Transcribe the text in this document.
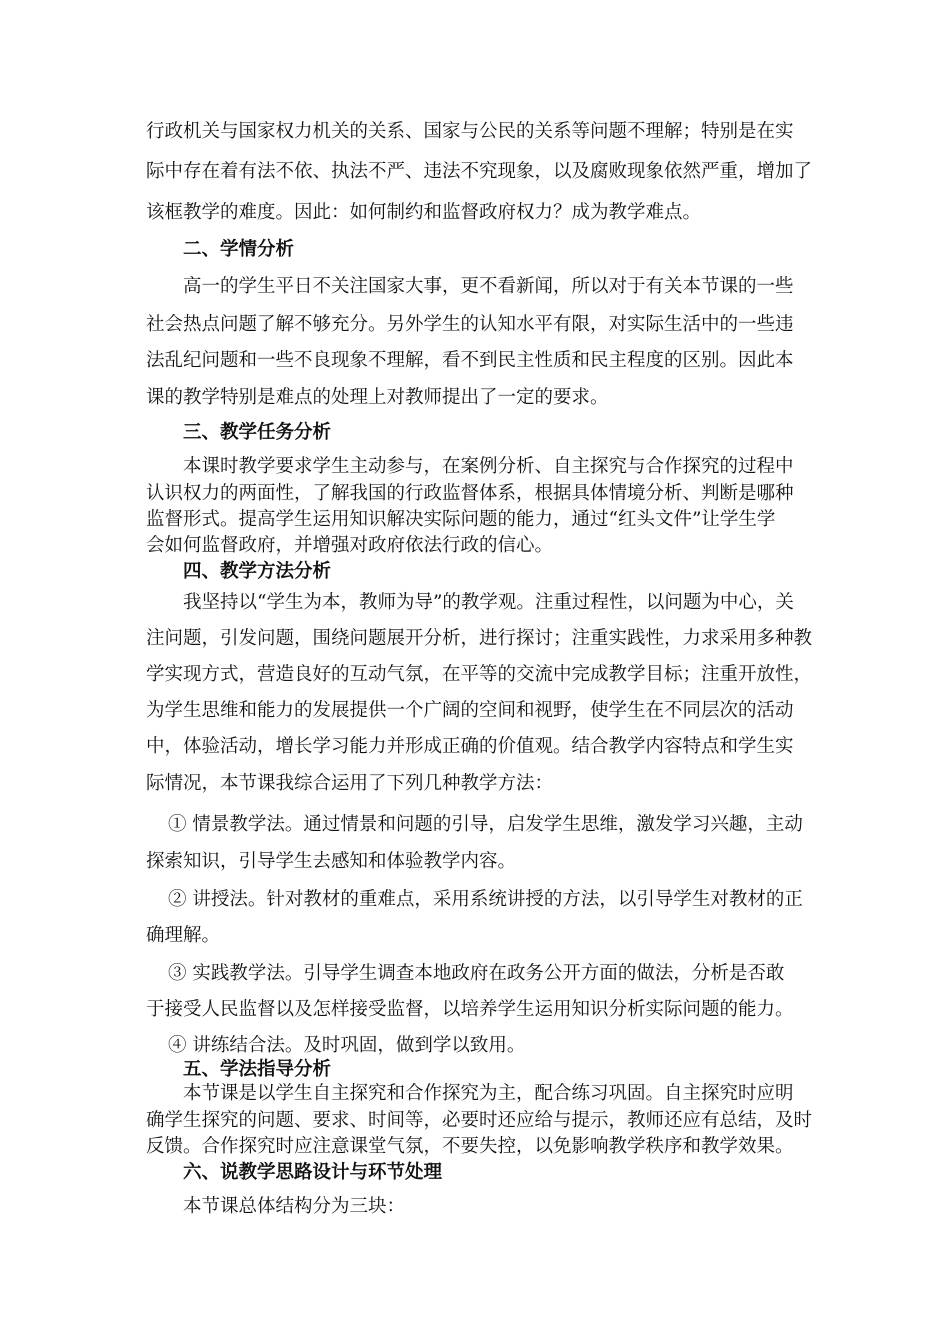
行政机关与国家权力机关的关系、国家与公民的关系等问题不理解；特别是在实
际中存在着有法不依、执法不严、违法不究现象，以及腐败现象依然严重，增加了
该框教学的难度。因此：如何制约和监督政府权力？成为教学难点。
二、学情分析
高一的学生平日不关注国家大事，更不看新闻，所以对于有关本节课的一些
社会热点问题了解不够充分。另外学生的认知水平有限，对实际生活中的一些违
法乱纪问题和一些不良现象不理解，看不到民主性质和民主程度的区别。因此本
课的教学特别是难点的处理上对教师提出了一定的要求。
三、教学任务分析
本课时教学要求学生主动参与，在案例分析、自主探究与合作探究的过程中
认识权力的两面性，了解我国的行政监督体系，根据具体情境分析、判断是哪种
监督形式。提高学生运用知识解决实际问题的能力，通过“红头文件”让学生学
会如何监督政府，并增强对政府依法行政的信心。
四、教学方法分析
我坚持以“学生为本，教师为导”的教学观。注重过程性，以问题为中心，关
注问题，引发问题，围绕问题展开分析，进行探讨；注重实践性，力求采用多种教
学实现方式，营造良好的互动气氛，在平等的交流中完成教学目标；注重开放性，
为学生思维和能力的发展提供一个广阔的空间和视野，使学生在不同层次的活动
中，体验活动，增长学习能力并形成正确的价值观。结合教学内容特点和学生实
际情况，本节课我综合运用了下列几种教学方法：
① 情景教学法。通过情景和问题的引导，启发学生思维，激发学习兴趣，主动
探索知识，引导学生去感知和体验教学内容。
② 讲授法。针对教材的重难点，采用系统讲授的方法，以引导学生对教材的正
确理解。
③ 实践教学法。引导学生调查本地政府在政务公开方面的做法，分析是否敢
于接受人民监督以及怎样接受监督，以培养学生运用知识分析实际问题的能力。
④ 讲练结合法。及时巩固，做到学以致用。
五、学法指导分析
本节课是以学生自主探究和合作探究为主，配合练习巩固。自主探究时应明
确学生探究的问题、要求、时间等，必要时还应给与提示，教师还应有总结，及时
反馈。合作探究时应注意课堂气氛，不要失控，以免影响教学秩序和教学效果。
六、说教学思路设计与环节处理
本节课总体结构分为三块：
